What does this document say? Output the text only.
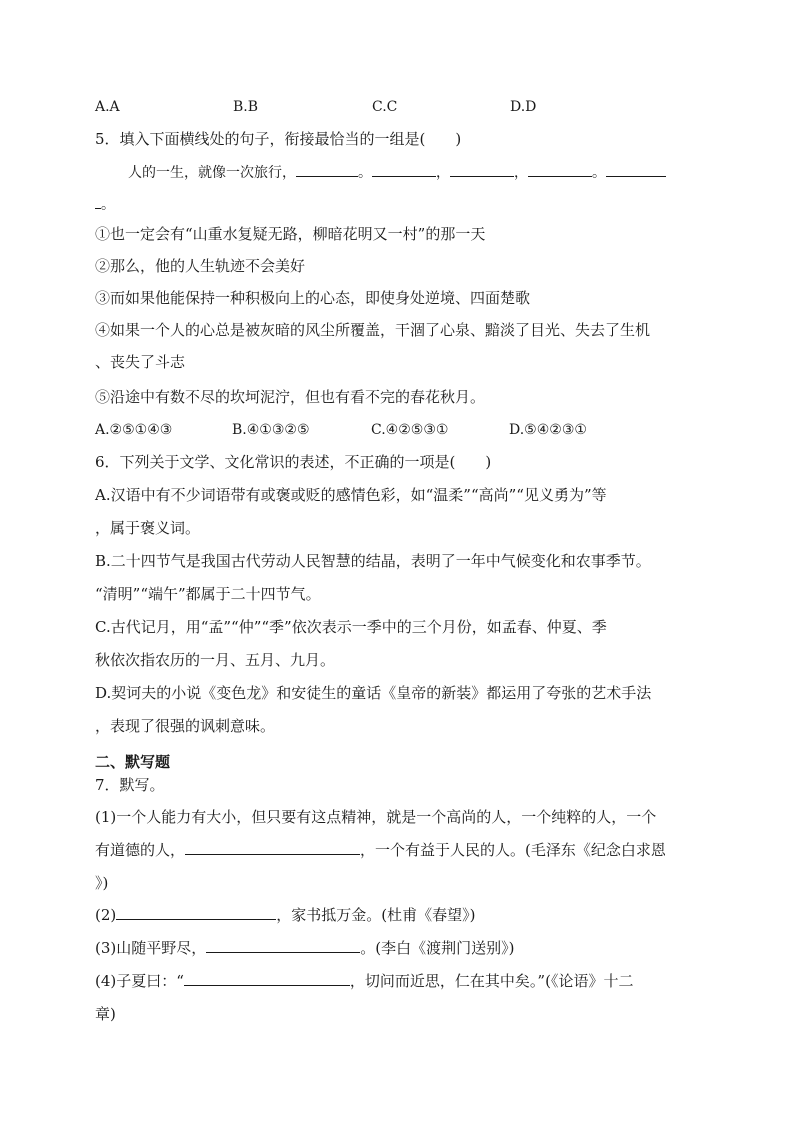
A.A	B.B	C.C	D.D
5．填入下面横线处的句子，衔接最恰当的一组是(　　)
人的一生，就像一次旅行，	。	，	，	。
。
①也一定会有“山重水复疑无路，柳暗花明又一村”的那一天
②那么，他的人生轨迹不会美好
③而如果他能保持一种积极向上的心态，即使身处逆境、四面楚歌
④如果一个人的心总是被灰暗的风尘所覆盖，干涸了心泉、黯淡了目光、失去了生机
、丧失了斗志
⑤沿途中有数不尽的坎坷泥泞，但也有看不完的春花秋月。
A.②⑤①④③	B.④①③②⑤	C.④②⑤③①	D.⑤④②③①
6．下列关于文学、文化常识的表述，不正确的一项是(　　)
A.汉语中有不少词语带有或褒或贬的感情色彩，如“温柔”“高尚”“见义勇为”等
，属于褒义词。
B.二十四节气是我国古代劳动人民智慧的结晶，表明了一年中气候变化和农事季节。
“清明”“端午”都属于二十四节气。
C.古代记月，用“孟”“仲”“季”依次表示一季中的三个月份，如孟春、仲夏、季
秋依次指农历的一月、五月、九月。
D.契诃夫的小说《变色龙》和安徒生的童话《皇帝的新装》都运用了夸张的艺术手法
，表现了很强的讽刺意味。
二、默写题
7．默写。
(1)一个人能力有大小，但只要有这点精神，就是一个高尚的人，一个纯粹的人，一个
有道德的人，	，一个有益于人民的人。(毛泽东《纪念白求恩
》)
(2)	，家书抵万金。(杜甫《春望》)
(3)山随平野尽，	。(李白《渡荆门送别》)
(4)子夏曰：“	，切问而近思，仁在其中矣。”(《论语》十二
章)
